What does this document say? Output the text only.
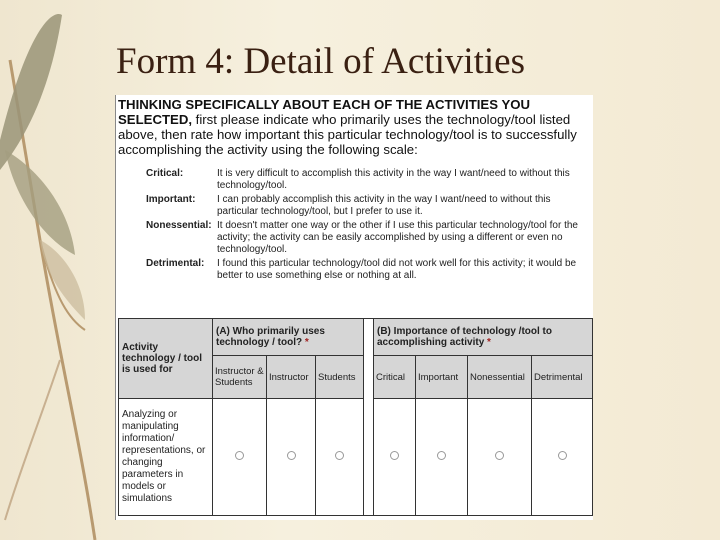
Form 4: Detail of Activities
THINKING SPECIFICALLY ABOUT EACH OF THE ACTIVITIES YOU SELECTED, first please indicate who primarily uses the technology/tool listed above, then rate how important this particular technology/tool is to successfully accomplishing the activity using the following scale:
Critical:	It is very difficult to accomplish this activity in the way I want/need to without this technology/tool.
Important:	I can probably accomplish this activity in the way I want/need to without this particular technology/tool, but I prefer to use it.
Nonessential: It doesn't matter one way or the other if I use this particular technology/tool for the activity; the activity can be easily accomplished by using a different or even no technology/tool.
Detrimental:	I found this particular technology/tool did not work well for this activity; it would be better to use something else or nothing at all.
Activity technology / tool is used for	(A) Who primarily uses technology / tool? *				(B) Importance of technology /tool to accomplishing activity *			
	Instructor & Students	Instructor	Students		Critical	Important	Nonessential	Detrimental
Analyzing or manipulating information/ representations, or changing parameters in models or simulations								
